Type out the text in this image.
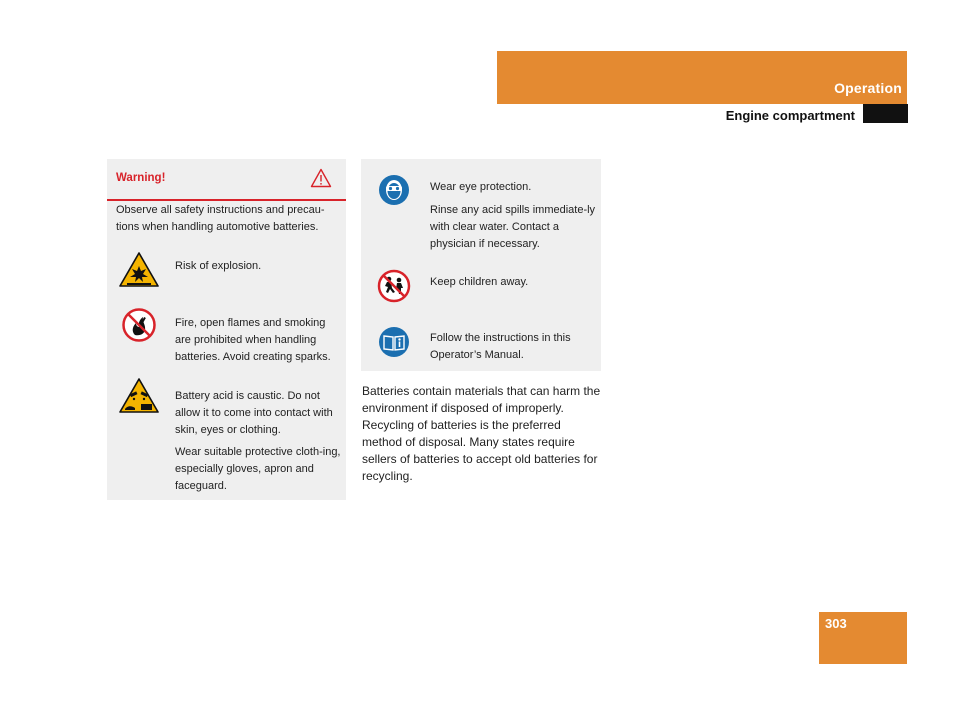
Operation
Engine compartment
Warning!
Observe all safety instructions and precau-tions when handling automotive batteries.
Risk of explosion.
Fire, open flames and smoking are prohibited when handling batteries. Avoid creating sparks.
Battery acid is caustic. Do not allow it to come into contact with skin, eyes or clothing.
Wear suitable protective cloth-ing, especially gloves, apron and faceguard.
Wear eye protection.
Rinse any acid spills immediate-ly with clear water. Contact a physician if necessary.
Keep children away.
Follow the instructions in this Operator’s Manual.
Batteries contain materials that can harm the environment if disposed of improperly. Recycling of batteries is the preferred method of disposal. Many states require sellers of batteries to accept old batteries for recycling.
303
